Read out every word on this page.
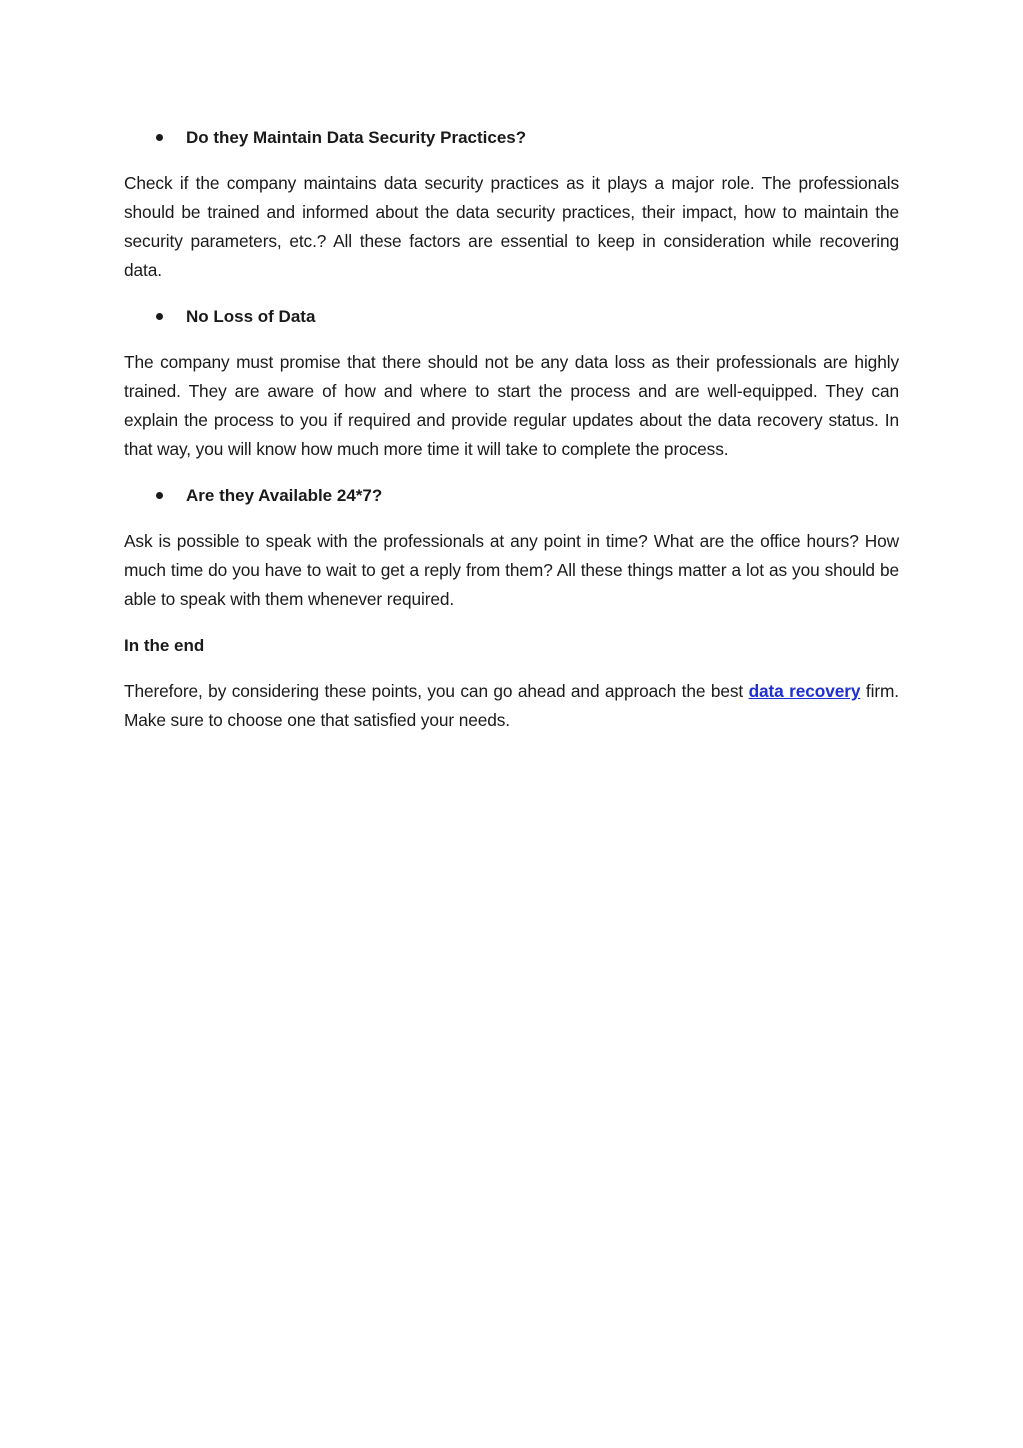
Do they Maintain Data Security Practices?

Check if the company maintains data security practices as it plays a major role. The professionals should be trained and informed about the data security practices, their impact, how to maintain the security parameters, etc.? All these factors are essential to keep in consideration while recovering data.

No Loss of Data

The company must promise that there should not be any data loss as their professionals are highly trained. They are aware of how and where to start the process and are well-equipped. They can explain the process to you if required and provide regular updates about the data recovery status. In that way, you will know how much more time it will take to complete the process.

Are they Available 24*7?

Ask is possible to speak with the professionals at any point in time? What are the office hours? How much time do you have to wait to get a reply from them? All these things matter a lot as you should be able to speak with them whenever required.

In the end

Therefore, by considering these points, you can go ahead and approach the best data recovery firm. Make sure to choose one that satisfied your needs.
